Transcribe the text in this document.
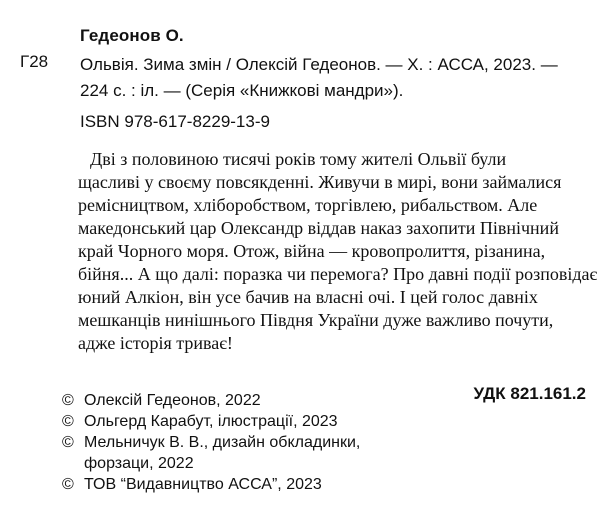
Гедеонов О.
Г28 Ольвія. Зима змін / Олексій Гедеонов. — Х. : АССА, 2023. —
224 с. : іл. — (Серія «Книжкові мандри»).
ISBN 978-617-8229-13-9
Дві з половиною тисячі років тому жителі Ольвії були
щасливі у своєму повсякденні. Живучи в мирі, вони займалися
ремісництвом, хліборобством, торгівлею, рибальством. Але
македонський цар Олександр віддав наказ захопити Північний
край Чорного моря. Отож, війна — кровопролиття, різанина,
бійня... А що далі: поразка чи перемога? Про давні події розповідає
юний Алкіон, він усе бачив на власні очі. І цей голос давніх
мешканців нинішнього Півдня України дуже важливо почути,
адже історія триває!
УДК 821.161.2
© Олексій Гедеонов, 2022
© Ольгерд Карабут, ілюстрації, 2023
© Мельничук В. В., дизайн обкладинки,
форзаци, 2022
© ТОВ “Видавництво АССА”, 2023
